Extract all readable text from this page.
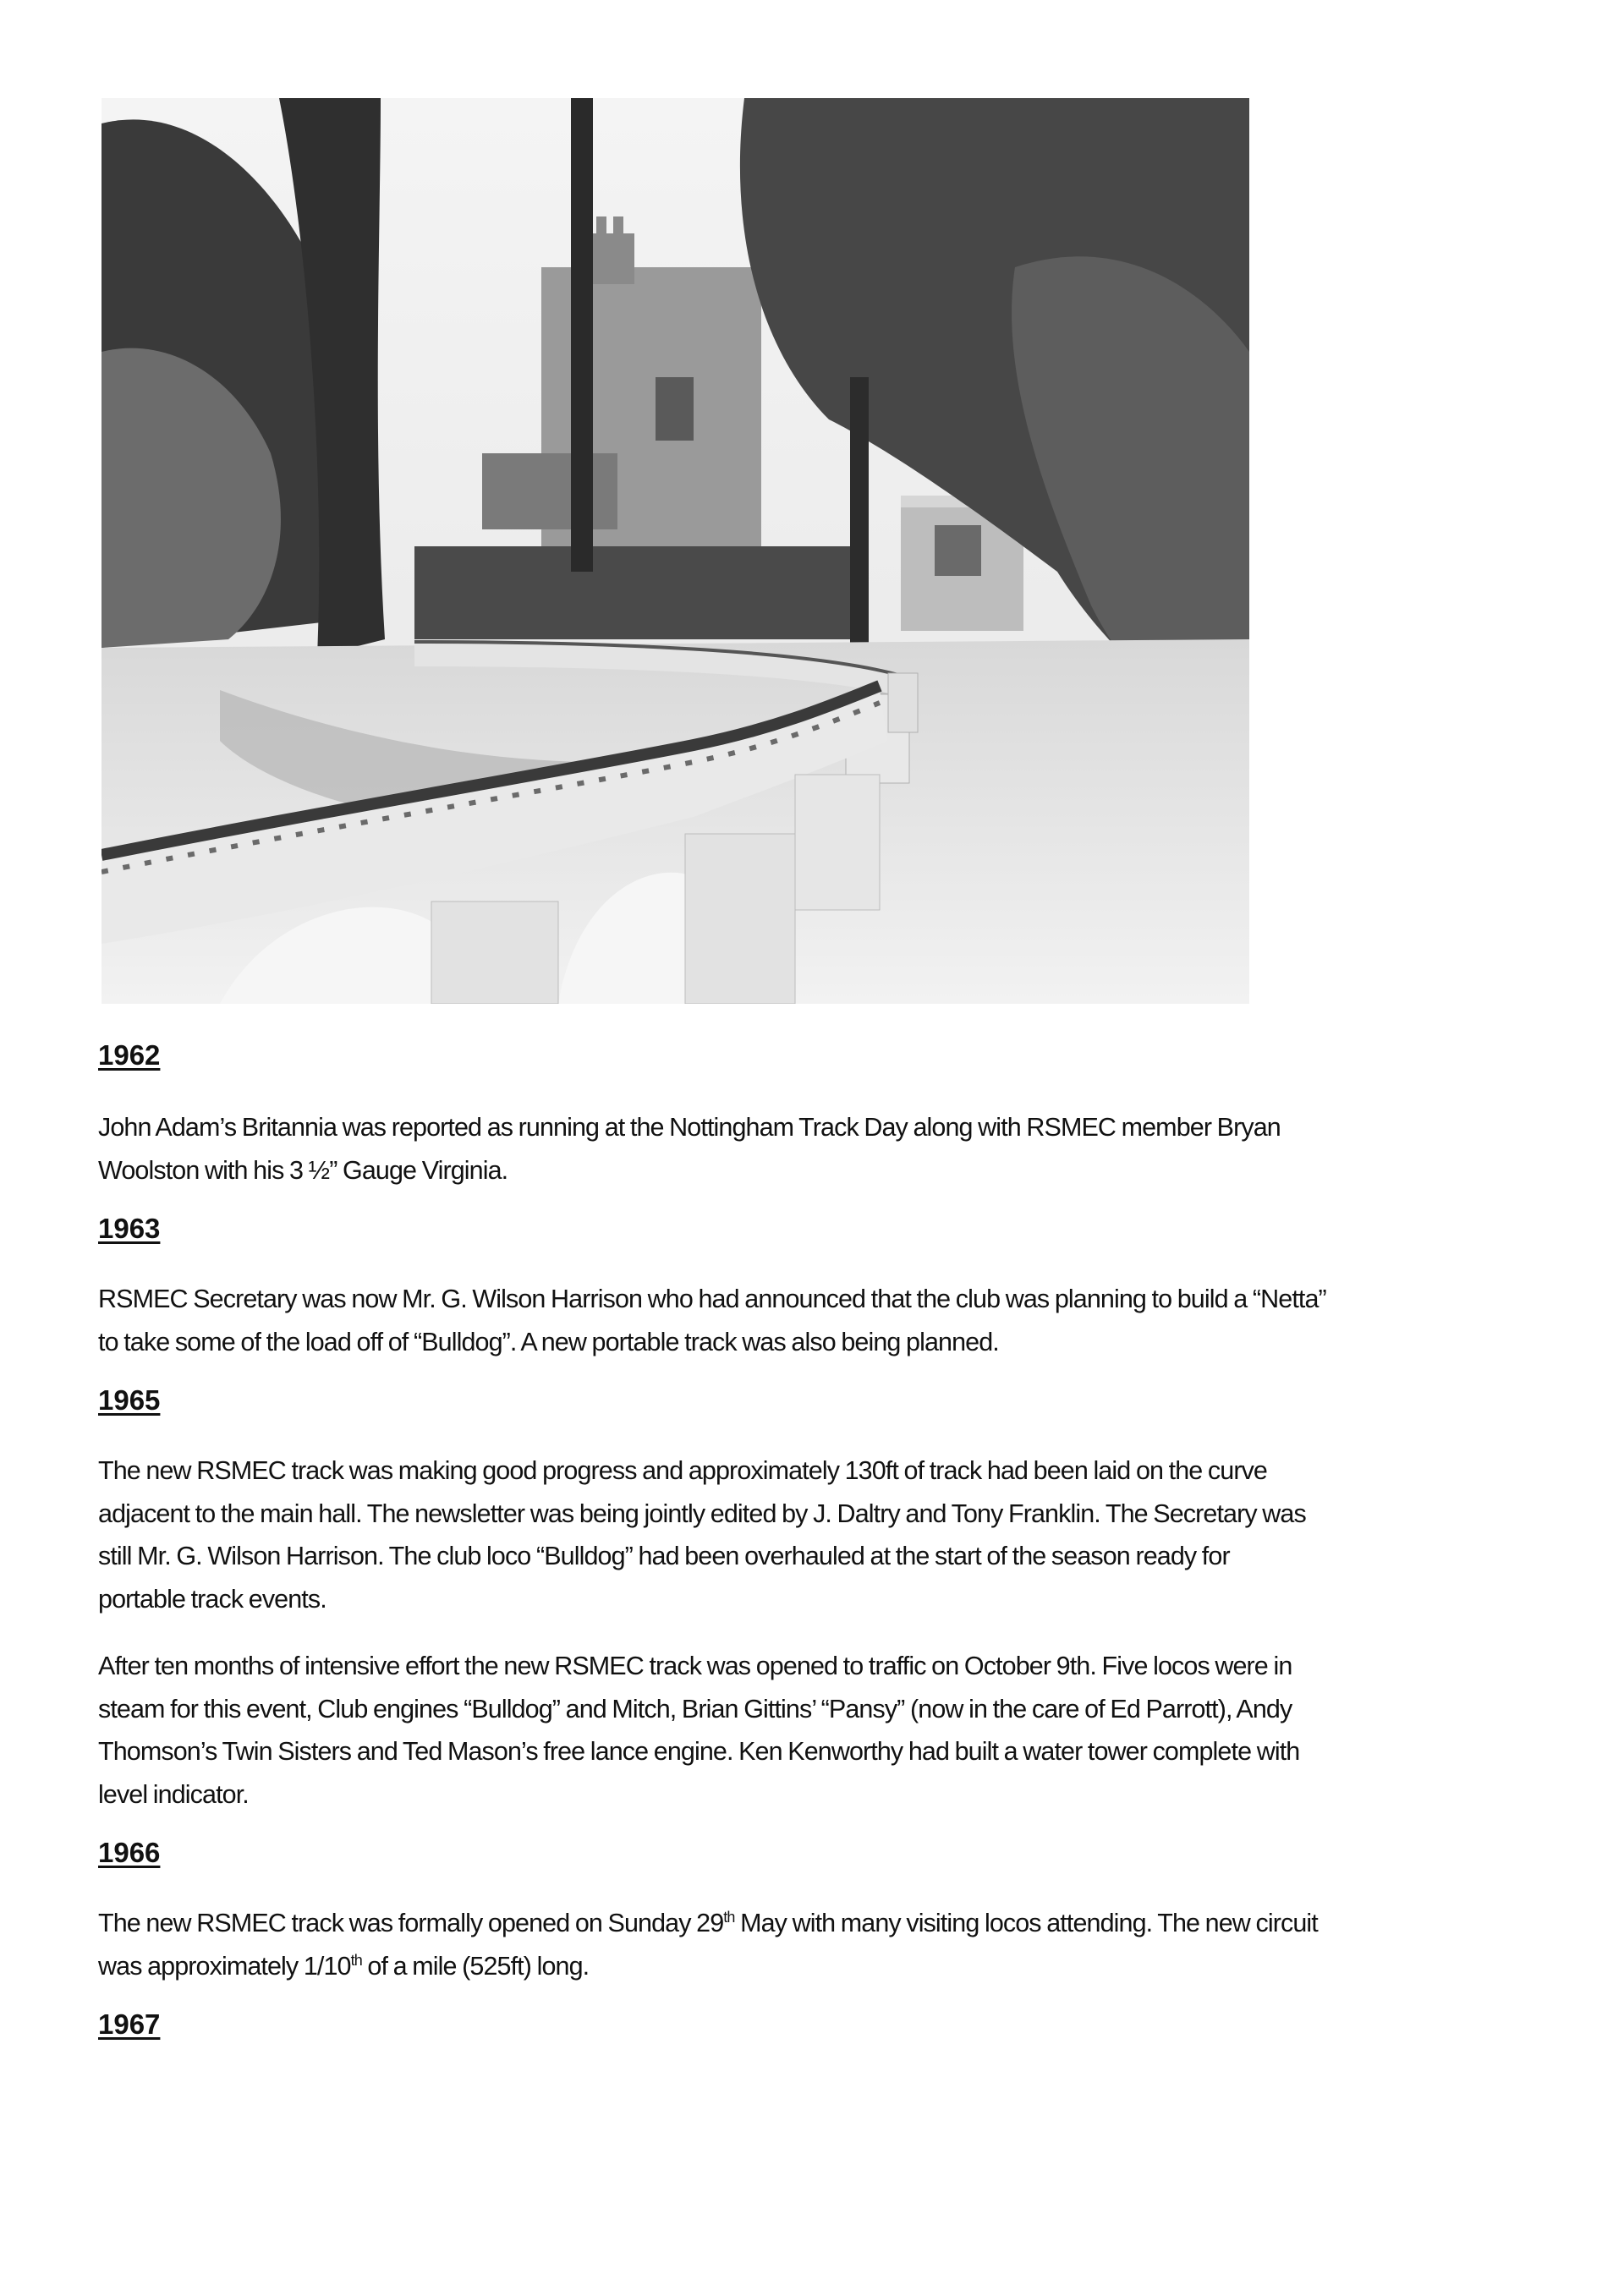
1962

John Adam’s Britannia was reported as running at the Nottingham Track Day along with RSMEC member Bryan
Woolston with his 3 ½” Gauge Virginia.

1963

RSMEC Secretary was now Mr. G. Wilson Harrison who had announced that the club was planning to build a “Netta”
to take some of the load off of “Bulldog”. A new portable track was also being planned.

1965

The new RSMEC track was making good progress and approximately 130ft of track had been laid on the curve
adjacent to the main hall. The newsletter was being jointly edited by J. Daltry and Tony Franklin. The Secretary was
still Mr. G. Wilson Harrison. The club loco “Bulldog” had been overhauled at the start of the season ready for
portable track events.

After ten months of intensive effort the new RSMEC track was opened to traffic on October 9th. Five locos were in
steam for this event, Club engines “Bulldog” and Mitch, Brian Gittins’ “Pansy” (now in the care of Ed Parrott), Andy
Thomson’s Twin Sisters and Ted Mason’s free lance engine. Ken Kenworthy had built a water tower complete with
level indicator.

1966

The new RSMEC track was formally opened on Sunday 29th May with many visiting locos attending. The new circuit
was approximately 1/10th of a mile (525ft) long.

1967
